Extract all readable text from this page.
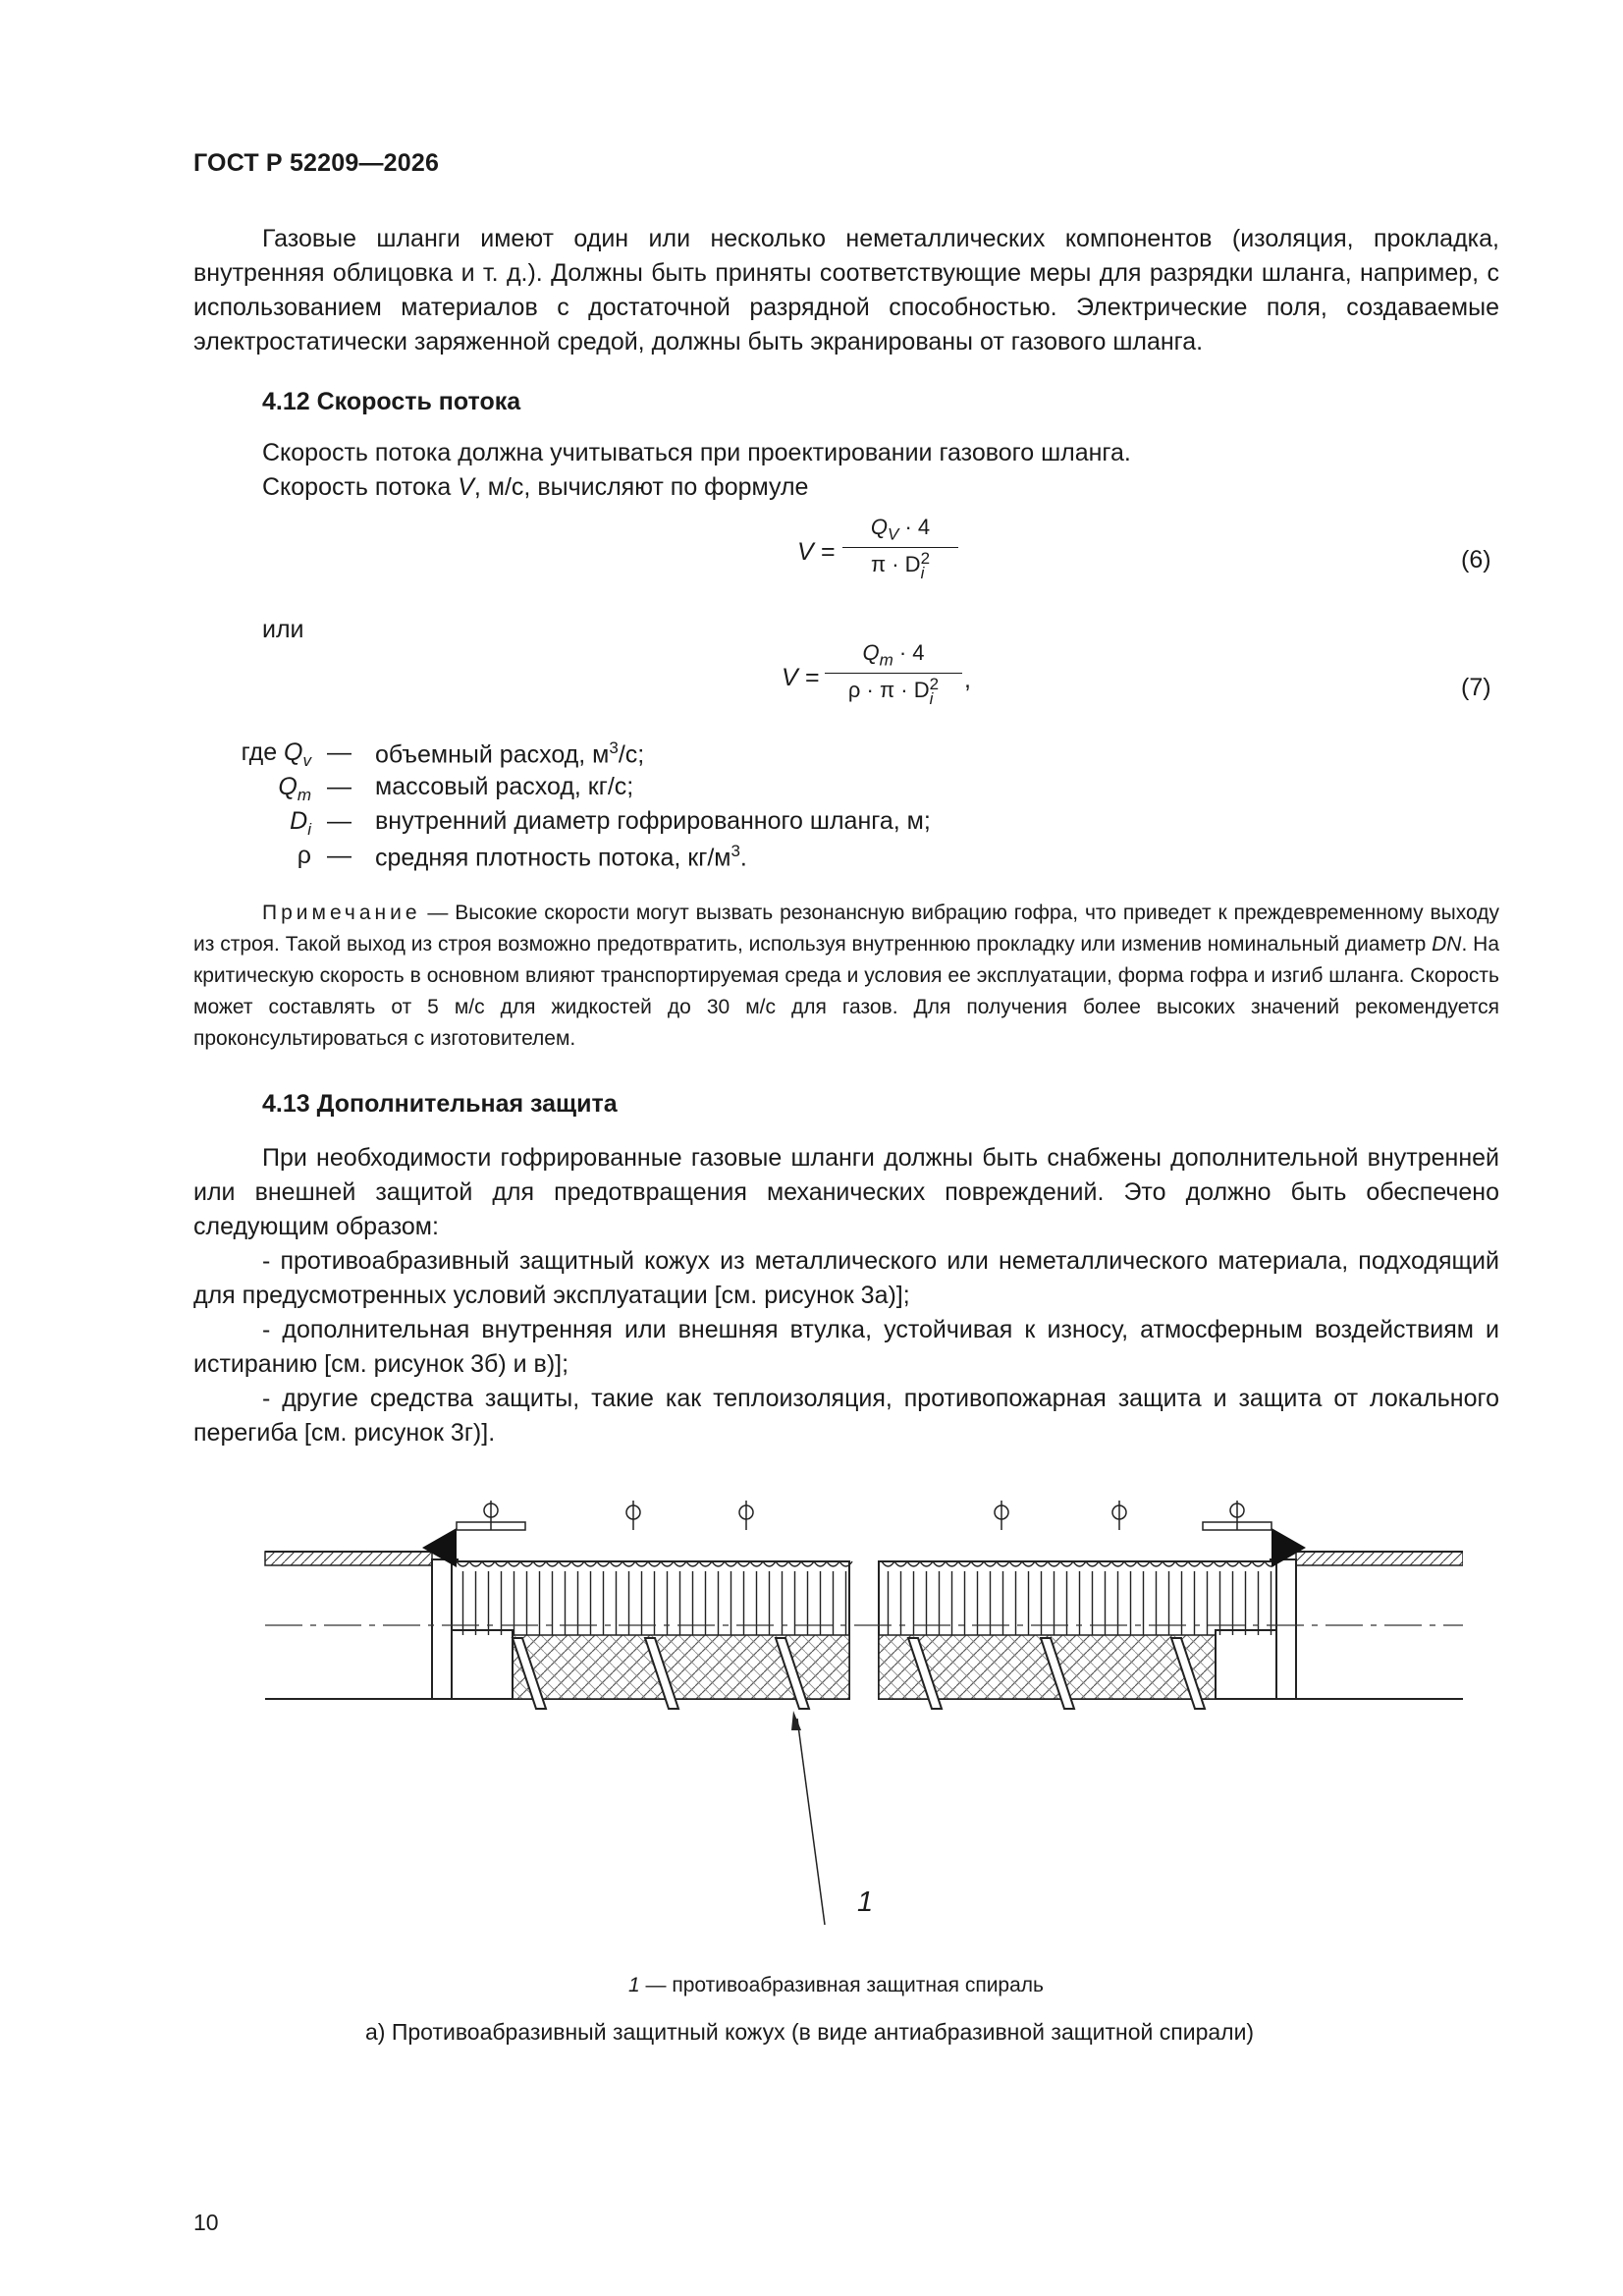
ГОСТ Р 52209—2026

Газовые шланги имеют один или несколько неметаллических компонентов (изоляция, прокладка, внутренняя облицовка и т. д.). Должны быть приняты соответствующие меры для разрядки шланга, например, с использованием материалов с достаточной разрядной способностью. Электрические поля, создаваемые электростатически заряженной средой, должны быть экранированы от газового шланга.

4.12 Скорость потока
Скорость потока должна учитываться при проектировании газового шланга.
Скорость потока V, м/с, вычисляют по формуле
V =
$Q_V \cdot 4$
π · D 2
i	(6)
или
V =
$Q_m \cdot 4$
ρ · π · D 2
i
,	(7)
где $Q_v$ — объемный расход, $м^3/с$;
$Q_m$ — массовый расход, кг/с;
$D_i$ — внутренний диаметр гофрированного шланга, м;
ρ — средняя плотность потока, $кг/м^3$.

Примечание — Высокие скорости могут вызвать резонансную вибрацию гофра, что приведет к преждевременному выходу из строя. Такой выход из строя возможно предотвратить, используя внутреннюю прокладку или изменив номинальный диаметр DN. На критическую скорость в основном влияют транспортируемая среда и условия ее эксплуатации, форма гофра и изгиб шланга. Скорость может составлять от 5 м/с для жидкостей до 30 м/с для газов. Для получения более высоких значений рекомендуется проконсультироваться с изготовителем.

4.13 Дополнительная защита

При необходимости гофрированные газовые шланги должны быть снабжены дополнительной внутренней или внешней защитой для предотвращения механических повреждений. Это должно быть обеспечено следующим образом:

- противоабразивный защитный кожух из металлического или неметаллического материала, подходящий для предусмотренных условий эксплуатации [см. рисунок 3а)];

- дополнительная внутренняя или внешняя втулка, устойчивая к износу, атмосферным воздействиям и истиранию [см. рисунок 3б) и в)];

- другие средства защиты, такие как теплоизоляция, противопожарная защита и защита от локального перегиба [см. рисунок 3г)].

1
1 — противоабразивная защитная спираль
а) Противоабразивный защитный кожух (в виде антиабразивной защитной спирали)
10
